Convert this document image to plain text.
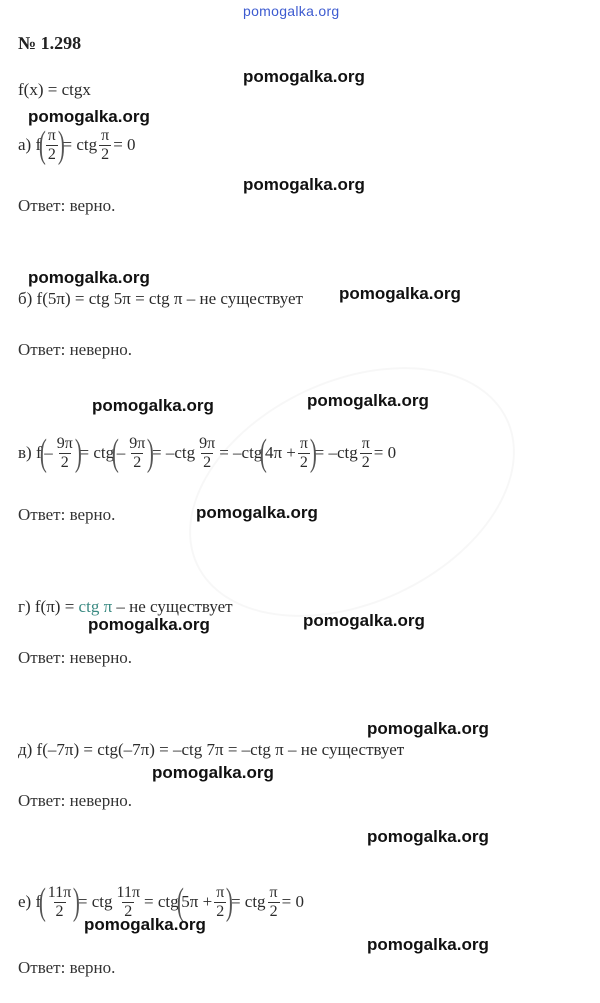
pomogalka.org
№ 1.298
f(x) = ctgx
а) f
( $\frac{\pi}{2}$ )
= ctg $\frac{\pi}{2} = 0$
Ответ: верно.
б) f(5π) = ctg 5π = ctg π – не существует
Ответ: неверно.
в) f
(
– $\frac{9\pi}{2}$ )
= ctg
(
– $\frac{9\pi}{2}$ )
= $-ctg \frac{9\pi}{2} = -ctg$
(
$4\pi + \frac{\pi}{2}$ )
= $-ctg \frac{\pi}{2} = 0$
Ответ: верно.
г) f(π) = ctg π – не существует
Ответ: неверно.
д) f(–7π) = ctg(–7π) = –ctg 7π = –ctg π – не существует
Ответ: неверно.
е) f
( $\frac{11\pi}{2}$ )
= ctg $\frac{11\pi}{2}$ = ctg
(
$5\pi + \frac{\pi}{2}$ )
= ctg $\frac{\pi}{2} = 0$
Ответ: верно.
pomogalka.org
pomogalka.org
pomogalka.org
pomogalka.org
pomogalka.org
pomogalka.org	pomogalka.org
pomogalka.org
pomogalka.org	pomogalka.org
pomogalka.org
pomogalka.org
pomogalka.org
pomogalka.org
pomogalka.org
